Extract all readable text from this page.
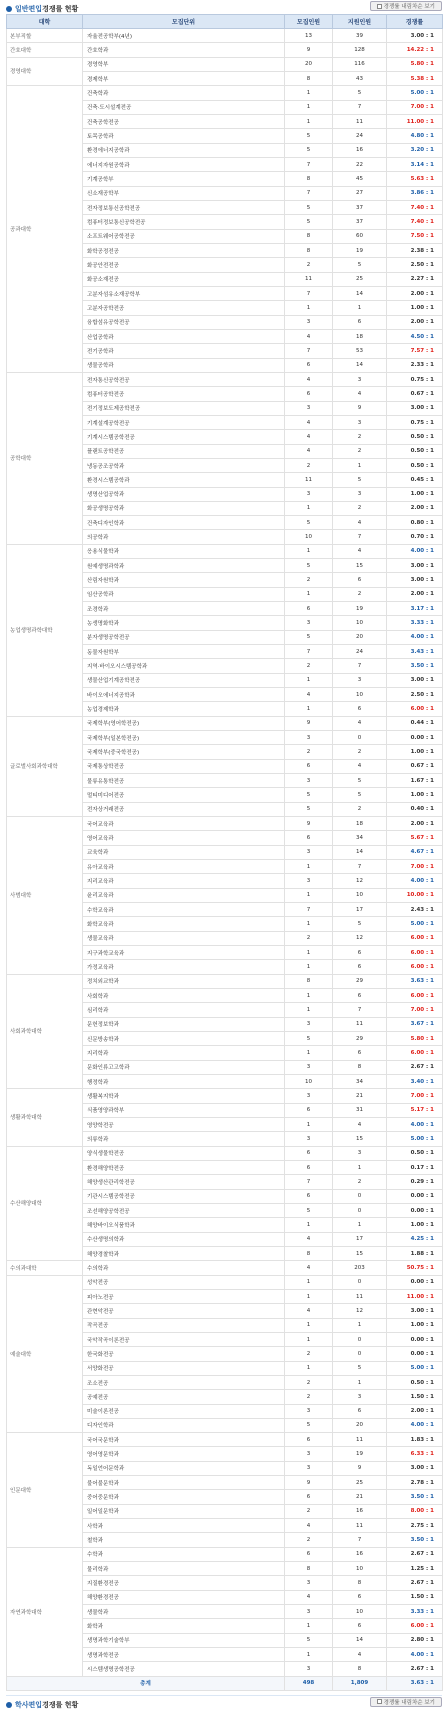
일반편입 경쟁률 현황	경쟁률 내림차순 보기
대학	모집단위	모집인원	지원인원	경쟁률
본부직할	자율전공학부(4년)	13	39	3.00 : 1
간호대학	간호학과	9	128	14.22 : 1
경영대학	경영학부	20	116	5.80 : 1
	경제학부	8	43	5.38 : 1
공과대학	건축학과	1	5	5.00 : 1
	건축·도시설계전공	1	7	7.00 : 1
	건축공학전공	1	11	11.00 : 1
	토목공학과	5	24	4.80 : 1
	환경에너지공학과	5	16	3.20 : 1
	에너지자원공학과	7	22	3.14 : 1
	기계공학부	8	45	5.63 : 1
	신소재공학부	7	27	3.86 : 1
	전자정보통신공학전공	5	37	7.40 : 1
	컴퓨터정보통신공학전공	5	37	7.40 : 1
	소프트웨어공학전공	8	60	7.50 : 1
	화학공정전공	8	19	2.38 : 1
	화공안전전공	2	5	2.50 : 1
	화공소재전공	11	25	2.27 : 1
	고분자섬유소재공학부	7	14	2.00 : 1
	고분자공학전공	1	1	1.00 : 1
	융합섬유공학전공	3	6	2.00 : 1
	산업공학과	4	18	4.50 : 1
	전기공학과	7	53	7.57 : 1
	생물공학과	6	14	2.33 : 1
공학대학	전자통신공학전공	4	3	0.75 : 1
	컴퓨터공학전공	6	4	0.67 : 1
	전기정보도제공학전공	3	9	3.00 : 1
	기계설계공학전공	4	3	0.75 : 1
	기계시스템공학전공	4	2	0.50 : 1
	플랜트공학전공	4	2	0.50 : 1
	냉동공조공학과	2	1	0.50 : 1
	환경시스템공학과	11	5	0.45 : 1
	생명산업공학과	3	3	1.00 : 1
	화공생명공학과	1	2	2.00 : 1
	건축디자인학과	5	4	0.80 : 1
	의공학과	10	7	0.70 : 1
농업생명과학대학	응용식물학과	1	4	4.00 : 1
	원예생명과학과	5	15	3.00 : 1
	산림자원학과	2	6	3.00 : 1
	임산공학과	1	2	2.00 : 1
	조경학과	6	19	3.17 : 1
	농생명화학과	3	10	3.33 : 1
	분자생명공학전공	5	20	4.00 : 1
	동물자원학부	7	24	3.43 : 1
	지역·바이오시스템공학과	2	7	3.50 : 1
	생물산업기계공학전공	1	3	3.00 : 1
	바이오에너지공학과	4	10	2.50 : 1
	농업경제학과	1	6	6.00 : 1
글로벌사회과학대학	국제학부(영어학전공)	9	4	0.44 : 1
	국제학부(일본학전공)	3	0	0.00 : 1
	국제학부(중국학전공)	2	2	1.00 : 1
	국제통상학전공	6	4	0.67 : 1
	물류유통학전공	3	5	1.67 : 1
	멀티미디어전공	5	5	1.00 : 1
	전자상거래전공	5	2	0.40 : 1
사범대학	국어교육과	9	18	2.00 : 1
	영어교육과	6	34	5.67 : 1
	교육학과	3	14	4.67 : 1
	유아교육과	1	7	7.00 : 1
	지리교육과	3	12	4.00 : 1
	윤리교육과	1	10	10.00 : 1
	수학교육과	7	17	2.43 : 1
	화학교육과	1	5	5.00 : 1
	생물교육과	2	12	6.00 : 1
	지구과학교육과	1	6	6.00 : 1
	가정교육과	1	6	6.00 : 1
사회과학대학	정치외교학과	8	29	3.63 : 1
	사회학과	1	6	6.00 : 1
	심리학과	1	7	7.00 : 1
	문헌정보학과	3	11	3.67 : 1
	신문방송학과	5	29	5.80 : 1
	지리학과	1	6	6.00 : 1
	문화인류고고학과	3	8	2.67 : 1
	행정학과	10	34	3.40 : 1
생활과학대학	생활복지학과	3	21	7.00 : 1
	식품영양과학부	6	31	5.17 : 1
	영양학전공	1	4	4.00 : 1
	의류학과	3	15	5.00 : 1
수산해양대학	양식생물학전공	6	3	0.50 : 1
	환경해양학전공	6	1	0.17 : 1
	해양생산관리학전공	7	2	0.29 : 1
	기관시스템공학전공	6	0	0.00 : 1
	조선해양공학전공	5	0	0.00 : 1
	해양바이오식품학과	1	1	1.00 : 1
	수산생명의학과	4	17	4.25 : 1
	해양경찰학과	8	15	1.88 : 1
수의과대학	수의학과	4	203	50.75 : 1
예술대학	성악전공	1	0	0.00 : 1
	피아노전공	1	11	11.00 : 1
	관현악전공	4	12	3.00 : 1
	작곡전공	1	1	1.00 : 1
	국악작곡이론전공	1	0	0.00 : 1
	한국화전공	2	0	0.00 : 1
	서양화전공	1	5	5.00 : 1
	조소전공	2	1	0.50 : 1
	공예전공	2	3	1.50 : 1
	미술이론전공	3	6	2.00 : 1
	디자인학과	5	20	4.00 : 1
인문대학	국어국문학과	6	11	1.83 : 1
	영어영문학과	3	19	6.33 : 1
	독일언어문학과	3	9	3.00 : 1
	불어불문학과	9	25	2.78 : 1
	중어중문학과	6	21	3.50 : 1
	일어일문학과	2	16	8.00 : 1
	사학과	4	11	2.75 : 1
	철학과	2	7	3.50 : 1
자연과학대학	수학과	6	16	2.67 : 1
	물리학과	8	10	1.25 : 1
	지질환경전공	3	8	2.67 : 1
	해양환경전공	4	6	1.50 : 1
	생물학과	3	10	3.33 : 1
	화학과	1	6	6.00 : 1
	생명과학기술학부	5	14	2.80 : 1
	생명과학전공	1	4	4.00 : 1
	시스템생명공학전공	3	8	2.67 : 1
총계		498	1,809	3.63 : 1
학사편입 경쟁률 현황	경쟁률 내림차순 보기
